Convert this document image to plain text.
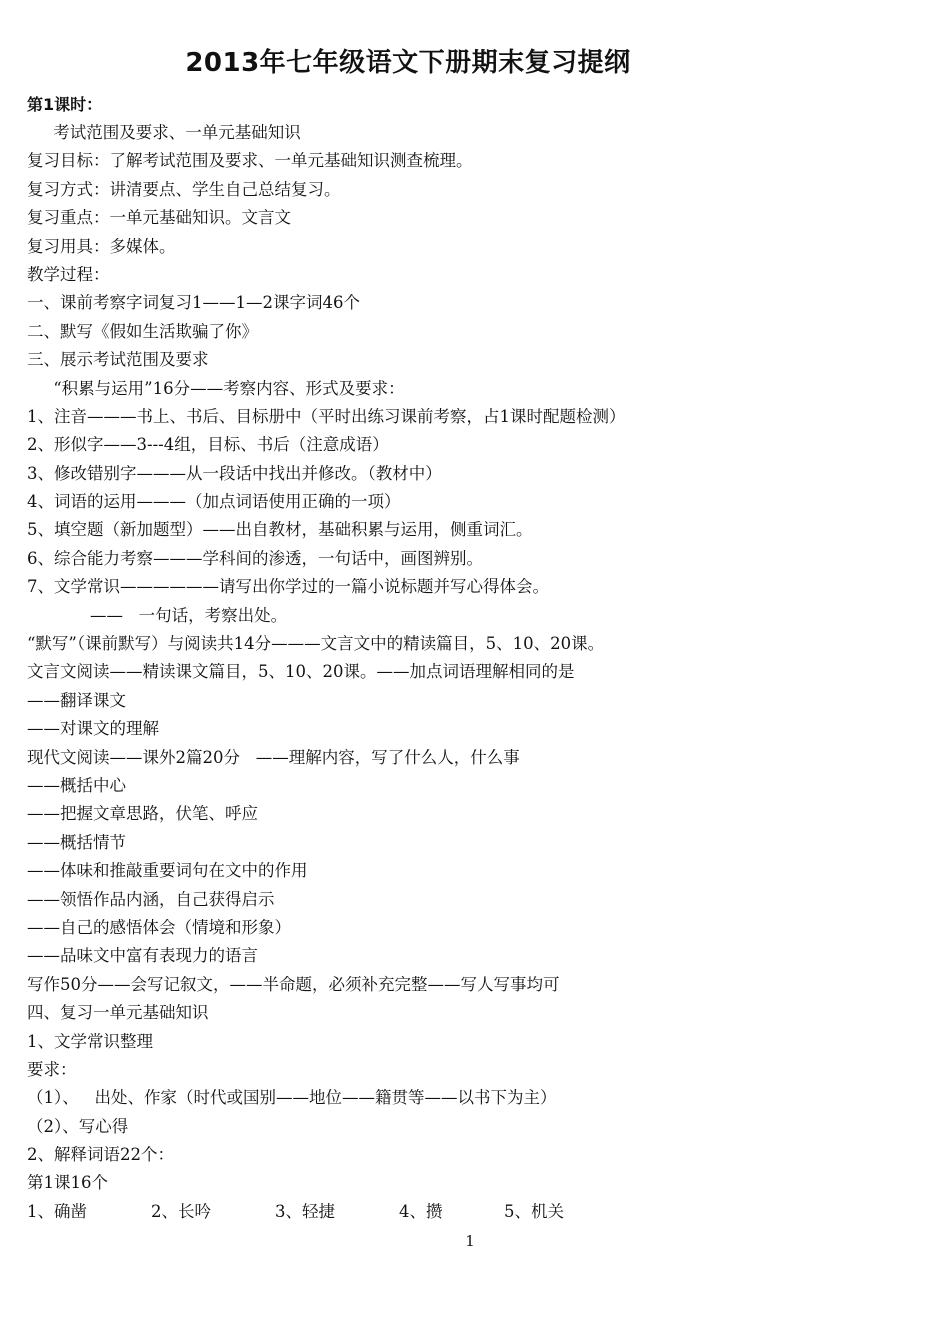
2013年七年级语文下册期末复习提纲
第1课时：
考试范围及要求、一单元基础知识
复习目标：了解考试范围及要求、一单元基础知识测查梳理。
复习方式：讲清要点、学生自己总结复习。
复习重点：一单元基础知识。文言文
复习用具：多媒体。
教学过程：
一、课前考察字词复习1——1—2课字词46个
二、默写《假如生活欺骗了你》
三、展示考试范围及要求
“积累与运用”16分——考察内容、形式及要求：
1、注音———书上、书后、目标册中（平时出练习课前考察，占1课时配题检测）
2、形似字——3---4组，目标、书后（注意成语）
3、修改错别字———从一段话中找出并修改。（教材中）
4、词语的运用———（加点词语使用正确的一项）
5、填空题（新加题型）——出自教材，基础积累与运用，侧重词汇。
6、综合能力考察———学科间的渗透，一句话中，画图辨别。
7、文学常识——————请写出你学过的一篇小说标题并写心得体会。
——   一句话，考察出处。
“默写”（课前默写）与阅读共14分———文言文中的精读篇目，5、10、20课。
文言文阅读——精读课文篇目，5、10、20课。——加点词语理解相同的是
——翻译课文
——对课文的理解
现代文阅读——课外2篇20分   ——理解内容，写了什么人，什么事
——概括中心
——把握文章思路，伏笔、呼应
——概括情节
——体味和推敲重要词句在文中的作用
——领悟作品内涵，自己获得启示
——自己的感悟体会（情境和形象）
——品味文中富有表现力的语言
写作50分——会写记叙文，——半命题，必须补充完整——写人写事均可
四、复习一单元基础知识
1、文学常识整理
要求：
（1）、   出处、作家（时代或国别——地位——籍贯等——以书下为主）
（2）、写心得
2、解释词语22个：
第1课16个
1、确凿	2、长吟	3、轻捷	4、攒	5、机关
1
